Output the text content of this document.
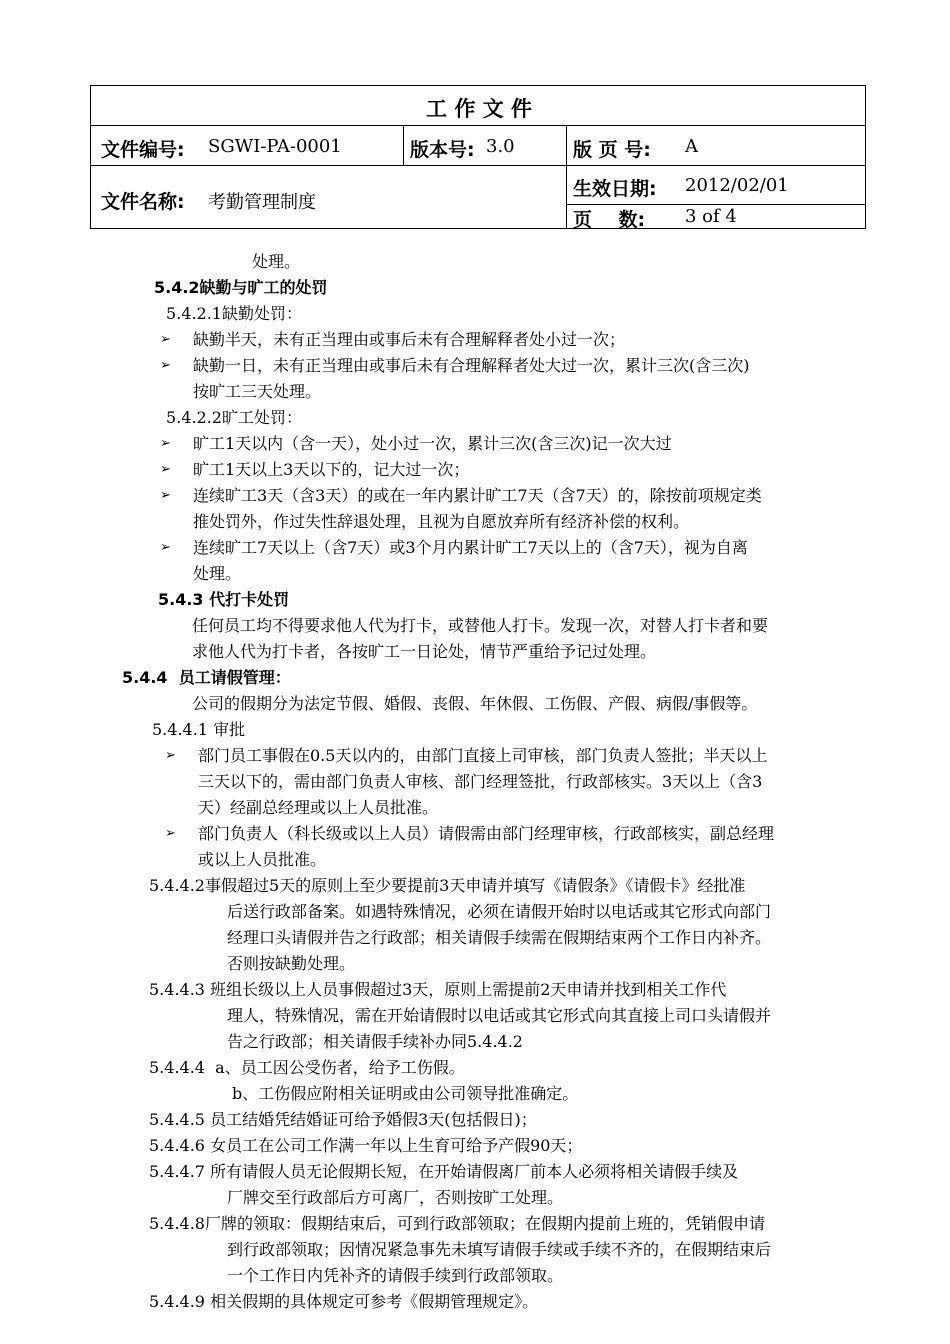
工 作 文 件
文件编号: SGWI-PA-0001	版本号: 3.0	版 页 号: A
文件名称: 考勤管理制度
生效日期: 2012/02/01
页    数: 3 of 4
处理。
5.4.2缺勤与旷工的处罚
5.4.2.1缺勤处罚：
➢ 缺勤半天，未有正当理由或事后未有合理解释者处小过一次；
➢ 缺勤一日，未有正当理由或事后未有合理解释者处大过一次，累计三次(含三次)
按旷工三天处理。
5.4.2.2旷工处罚：
➢ 旷工1天以内（含一天），处小过一次，累计三次(含三次)记一次大过
➢ 旷工1天以上3天以下的，记大过一次；
➢ 连续旷工3天（含3天）的或在一年内累计旷工7天（含7天）的，除按前项规定类
推处罚外，作过失性辞退处理，且视为自愿放弃所有经济补偿的权利。
➢ 连续旷工7天以上（含7天）或3个月内累计旷工7天以上的（含7天），视为自离
处理。
5.4.3 代打卡处罚
任何员工均不得要求他人代为打卡，或替他人打卡。发现一次，对替人打卡者和要
求他人代为打卡者，各按旷工一日论处，情节严重给予记过处理。
5.4.4  员工请假管理：
公司的假期分为法定节假、婚假、丧假、年休假、工伤假、产假、病假/事假等。
5.4.4.1 审批
➢ 部门员工事假在0.5天以内的，由部门直接上司审核，部门负责人签批；半天以上
三天以下的，需由部门负责人审核、部门经理签批，行政部核实。3天以上（含3
天）经副总经理或以上人员批准。
➢ 部门负责人（科长级或以上人员）请假需由部门经理审核，行政部核实，副总经理
或以上人员批准。
5.4.4.2事假超过5天的原则上至少要提前3天申请并填写《请假条》《请假卡》经批准
后送行政部备案。如遇特殊情况，必须在请假开始时以电话或其它形式向部门
经理口头请假并告之行政部；相关请假手续需在假期结束两个工作日内补齐。
否则按缺勤处理。
5.4.4.3 班组长级以上人员事假超过3天，原则上需提前2天申请并找到相关工作代
理人，特殊情况，需在开始请假时以电话或其它形式向其直接上司口头请假并
告之行政部；相关请假手续补办同5.4.4.2
5.4.4.4  a、员工因公受伤者，给予工伤假。
b、工伤假应附相关证明或由公司领导批准确定。
5.4.4.5 员工结婚凭结婚证可给予婚假3天(包括假日)；
5.4.4.6 女员工在公司工作满一年以上生育可给予产假90天；
5.4.4.7 所有请假人员无论假期长短，在开始请假离厂前本人必须将相关请假手续及
厂牌交至行政部后方可离厂，否则按旷工处理。
5.4.4.8厂牌的领取：假期结束后，可到行政部领取；在假期内提前上班的，凭销假申请
到行政部领取；因情况紧急事先未填写请假手续或手续不齐的，在假期结束后
一个工作日内凭补齐的请假手续到行政部领取。
5.4.4.9 相关假期的具体规定可参考《假期管理规定》。
